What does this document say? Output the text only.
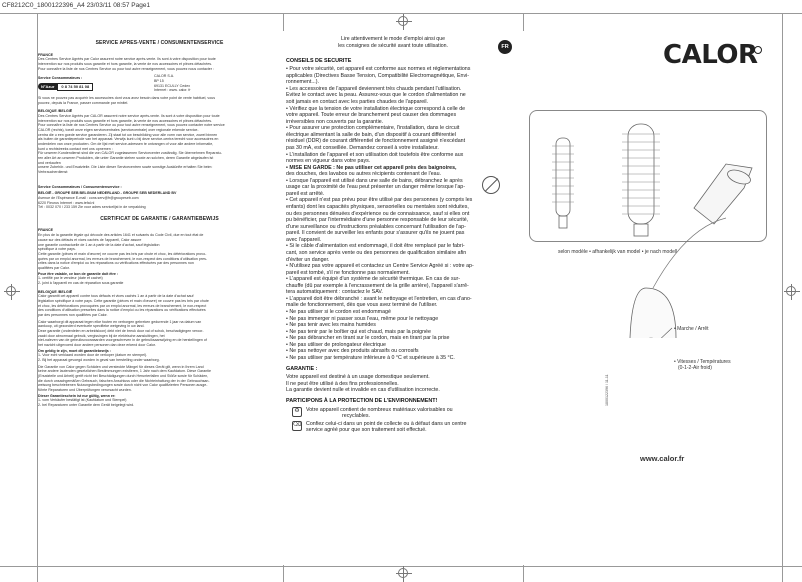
CF8212C0_1800122396_A4 23/03/11 08:57 Page1
SERVICE APRÈS-VENTE / CONSUMENTENSERVICE
FRANCE
Des Centres Service Agréés par Calor assurent notre service après-vente. Ils sont à votre disposition pour toute
intervention sur nos produits sous garantie et hors garantie, la vente de nos accessoires et pièces détachées.
Pour connaître la liste de nos Centres Service ou pour tout autre renseignement, vous pouvez nous contacter :
Service Consommateurs :
N°Azur	0 8 74 50 81 08
CALOR S.A.
BP 15
69131 ECULLY Cedex
Internet : www. calor. fr
Si vous ne pouvez pas acquérir les accessoires dont vous avez besoin dans votre point de vente habituel, vous
pouvez, depuis la France, passer commande par minitel.
BELGIQUE /BELGIË
Des Centres Service Agréés par CALOR assurent notre service après-vente. Ils sont à votre disposition pour toute
intervention sur nos produits sous garantie et hors garantie, la vente de nos accessoires et pièces détachées.
Pour connaître la liste de nos Centres Service ou pour tout autre renseignement, vous pouvez contacter notre service
CALOR (rechts), toezit onze eigen servicecentrales (servicecentrale) over regionale erkende service-
centra die u een goede service garanderen. Zij staat tot uw beschikking voor alle vorm van service, zowel binnen
als buiten de garantieperiode van het apparaat. Verwijs kunt u bij deze service-centra terecht voor accessoires en
onderdelen van onze producten. Om de lijst met service-adressen te ontvangen of voor alle andere informatie,
kunt u rechtstreeks contact met ons opnemen :
Für unseren Kundendienst sind die von CALOR zugelassenen Servicecenter zuständig. Sie übernehmen Reparatu-
ren aller Art an unseren Produkten, die unter Garantie stehen sowie an solchen, deren Garantie abgelaufen ist
und verkaufen
unsere Zubehör- und Ersatzteile. Die Liste dieser Servicecentren sowie sonstige Auskünfte erhalten Sie beim:
Verbraucherdienst:
Service Consommateurs / Consumentenservice :
BELGIË - GROUPE SEB BELGIUM NEDERLAND - GROUPE SEB NEDERLAND BV
Avenue de l'Espérance E-mail : cons.serv@fr@groupeseb.com
6220 Fleurus Internet : www.tefal.nl
Tél : 0032 070 / 233 159 Zie voor adres servicelijst in de verpakking
CERTIFICAT DE GARANTIE / GARANTIEBEWIJS
FRANCE
En plus de la garantie légale qui découle des articles 1641 et suivants du Code Civil, due en tout état de
cause sur des défauts et vices cachés de l'appareil, Calor assure
une garantie contractuelle de 1 an à partir de la date d'achat, sauf législation
spécifique à votre pays.
Cette garantie (pièces et main d'œuvre) ne couvre pas les bris par chute et choc, les détériorations provo-
quées par un emploi anormal, les erreurs de branchement, le non-respect des conditions d'utilisation pres-
crites dans la notice d'emploi ou les réparations ou vérifications effectuées par des personnes non
qualifiées par Calor.
Pour être valable, ce bon de garantie doit être :
1- certifié par le vendeur (date et cachet)
2- joint à l'appareil en cas de réparation sous garantie
BELGIQUE /BELGIË
Calor garantit cet appareil contre tous défauts et vices cachés 1 an à partir de la date d'achat sauf
législation spécifique à votre pays. Cette garantie (pièces et main d'œuvre) ne couvre pas les bris par chute
et choc, les détériorations provoquées par un emploi anormal, les erreurs de branchement, le non-respect
des conditions d'utilisation prescrites dans la notice d'emploi ou les réparations ou vérifications effectuées
par des personnes non qualifiées par Calor.
Calor waarborgt dit apparaat tegen elke fouten en verborgen gebreken gedurende 1 jaar na datum van
aankoop, uit gezonderd eventuele specifieke wetgeving in uw land.
Deze garantie (onderdelen en arbeidsloon) dekt niet de breuk door val of schok, beschadigingen veroor-
zaakt door abnormaal gebruik, vergissingen bij de elektrische aansluitingen, het
niet-naleven van de gebruiksvoorwaarden voorgeschreven in de gebruiksaanwijzing en de herstellingen of
het nazicht uitgevoerd door andere personen dan deze erkend door Calor.
Om geldig te zijn, moet dit garantiebewijs :
1- Voor echt verklaard worden door de verkoper (datum en stempel).
2- Bij het apparaat gevoegd worden in geval van herstelling onder waarborg.
Die Garantie von Calor gegen Schäden und versteckte Mängel für dieses Gerät gilt, wenn in Ihrem Land
keine andere lautenden gesetzlichen Bestimmungen existieren, 1 Jahr nach dem Kaufdatum. Diese Garantie
(Ersatzteile und Arbeit) greift nicht bei Beschädigungen durch Herunterfallen und Stöße sowie für Schäden,
die durch unsachgemäßen Gebrauch, falschen Anschluss oder die Nichteinhaltung der in der Gebrauchsan-
weisung beschriebenen Nutzungsbedingungen sowie durch nicht von Calor qualifizierten Personen ausge-
führte Reparaturen und Überprüfungen verursacht wurden.
Dieser Garantieschein ist nur gültig, wenn er:
1- vom Verkäufer bestätigt ist (Kaufdatum und Stempel)
2- bei Reparaturen unter Garantie dem Gerät beigelegt wird.
Lire attentivement le mode d'emploi ainsi que
les consignes de sécurité avant toute utilisation.	FR
CONSEILS DE SECURITE
• Pour votre sécurité, cet appareil est conforme aux normes et réglementations
applicables (Directives Basse Tension, Compatibilité Electromagnétique, Envi-
ronnement...).
• Les accessoires de l'appareil deviennent très chauds pendant l'utilisation.
Evitez le contact avec la peau. Assurez-vous que le cordon d'alimentation ne
soit jamais en contact avec les parties chaudes de l'appareil.
• Vérifiez que la tension de votre installation électrique correspond à celle de
votre appareil. Toute erreur de branchement peut causer des dommages
irréversibles non couverts par la garantie.
• Pour assurer une protection complémentaire, l'installation, dans le circuit
électrique alimentant la salle de bain, d'un dispositif à courant différentiel
résiduel (DDR) de courant différentiel de fonctionnement assigné n'excédant
pas 30 mA, est conseillée. Demandez conseil à votre installateur.
• L'installation de l'appareil et son utilisation doit toutefois être conforme aux
normes en vigueur dans votre pays.
• MISE EN GARDE : Ne pas utiliser cet appareil près des baignoires,
des douches, des lavabos ou autres récipients contenant de l'eau.
• Lorsque l'appareil est utilisé dans une salle de bains, débranchez le après
usage car la proximité de l'eau peut présenter un danger même lorsque l'ap-
pareil est arrêté.
• Cet appareil n'est pas prévu pour être utilisé par des personnes (y compris les
enfants) dont les capacités physiques, sensorielles ou mentales sont réduites,
ou des personnes dénuées d'expérience ou de connaissance, sauf si elles ont
pu bénéficier, par l'intermédiaire d'une personne responsable de leur sécurité,
d'une surveillance ou d'instructions préalables concernant l'utilisation de l'ap-
pareil. Il convient de surveiller les enfants pour s'assurer qu'ils ne jouent pas
avec l'appareil.
• Si le câble d'alimentation est endommagé, il doit être remplacé par le fabri-
cant, son service après vente ou des personnes de qualification similaire afin
d'éviter un danger.
• N'utilisez pas votre appareil et contactez un Centre Service Agréé si : votre ap-
pareil est tombé, s'il ne fonctionne pas normalement.
• L'appareil est équipé d'un système de sécurité thermique. En cas de sur-
chauffe (dû par exemple à l'encrassement de la grille arrière), l'appareil s'arrê-
tera automatiquement : contactez le SAV.
• L'appareil doit être débranché : avant le nettoyage et l'entretien, en cas d'ano-
malie de fonctionnement, dès que vous avez terminé de l'utiliser.
• Ne pas utiliser si le cordon est endommagé
• Ne pas immerger ni passer sous l'eau, même pour le nettoyage
• Ne pas tenir avec les mains humides
• Ne pas tenir par le boîtier qui est chaud, mais par la poignée
• Ne pas débrancher en tirant sur le cordon, mais en tirant par la prise
• Ne pas utiliser de prolongateur électrique
• Ne pas nettoyer avec des produits abrasifs ou corrosifs
• Ne pas utiliser par température inférieure à 0 °C et supérieure à 35 °C.
GARANTIE :
Votre appareil est destiné à un usage domestique seulement.
Il ne peut être utilisé à des fins professionnelles.
La garantie devient nulle et invalide en cas d'utilisation incorrecte.
PARTICIPONS À LA PROTECTION DE L'ENVIRONNEMENT!
♻	Votre appareil contient de nombreux matériaux valorisables ou
recyclables.
⌫ Confiez celui-ci dans un point de collecte ou à défaut dans un centre
service agréé pour que son traitement soit effectué.
CALOR
selon modèle • afhankelijk van model • je nach modell
• Marche / Arrêt
• Vitesses / Températures
(0-1-2-Air froid)
1800122396 / 11-11
www.calor.fr
